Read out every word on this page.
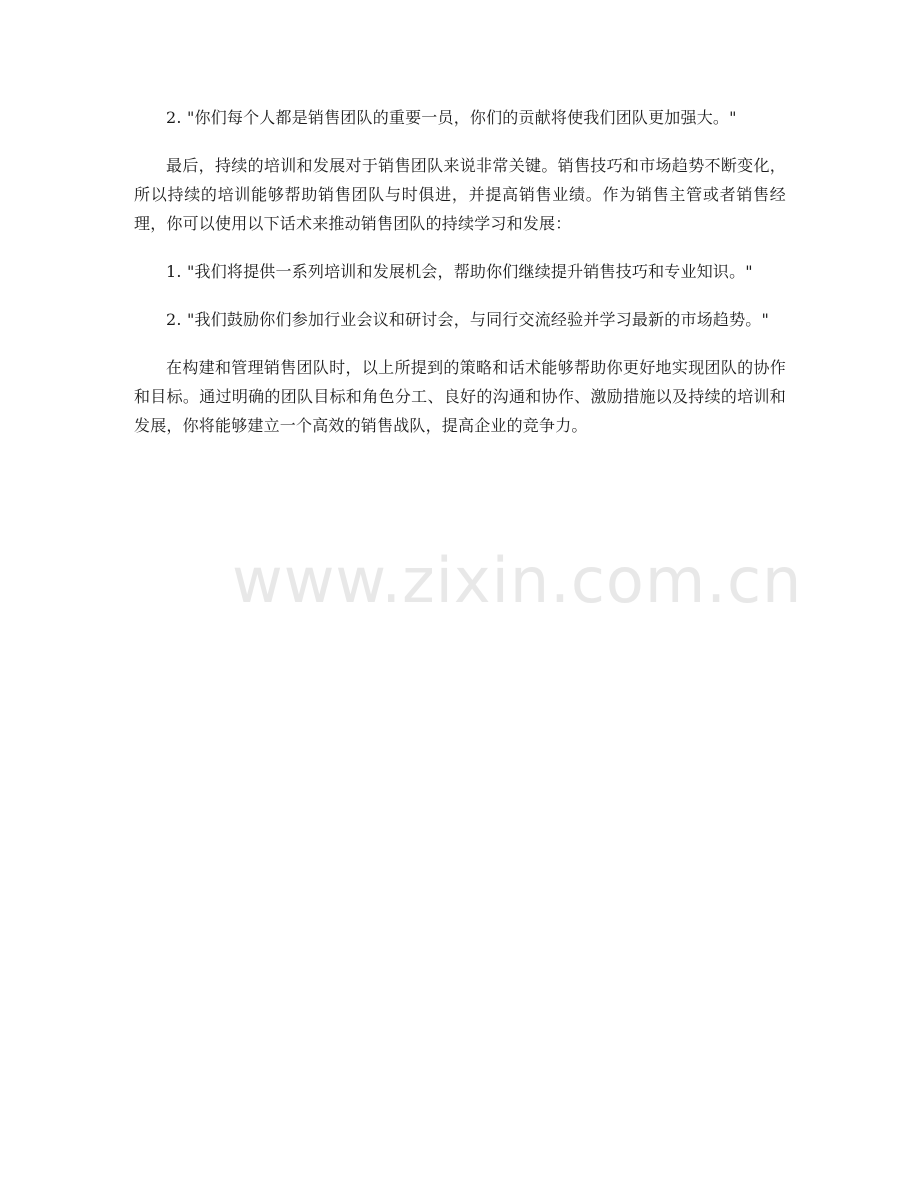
www.zixin.com.cn

2. "你们每个人都是销售团队的重要一员，你们的贡献将使我们团队更加强大。"

最后，持续的培训和发展对于销售团队来说非常关键。销售技巧和市场趋势不断变化，所以持续的培训能够帮助销售团队与时俱进，并提高销售业绩。作为销售主管或者销售经理，你可以使用以下话术来推动销售团队的持续学习和发展：

1. "我们将提供一系列培训和发展机会，帮助你们继续提升销售技巧和专业知识。"

2. "我们鼓励你们参加行业会议和研讨会，与同行交流经验并学习最新的市场趋势。"

在构建和管理销售团队时，以上所提到的策略和话术能够帮助你更好地实现团队的协作和目标。通过明确的团队目标和角色分工、良好的沟通和协作、激励措施以及持续的培训和发展，你将能够建立一个高效的销售战队，提高企业的竞争力。
